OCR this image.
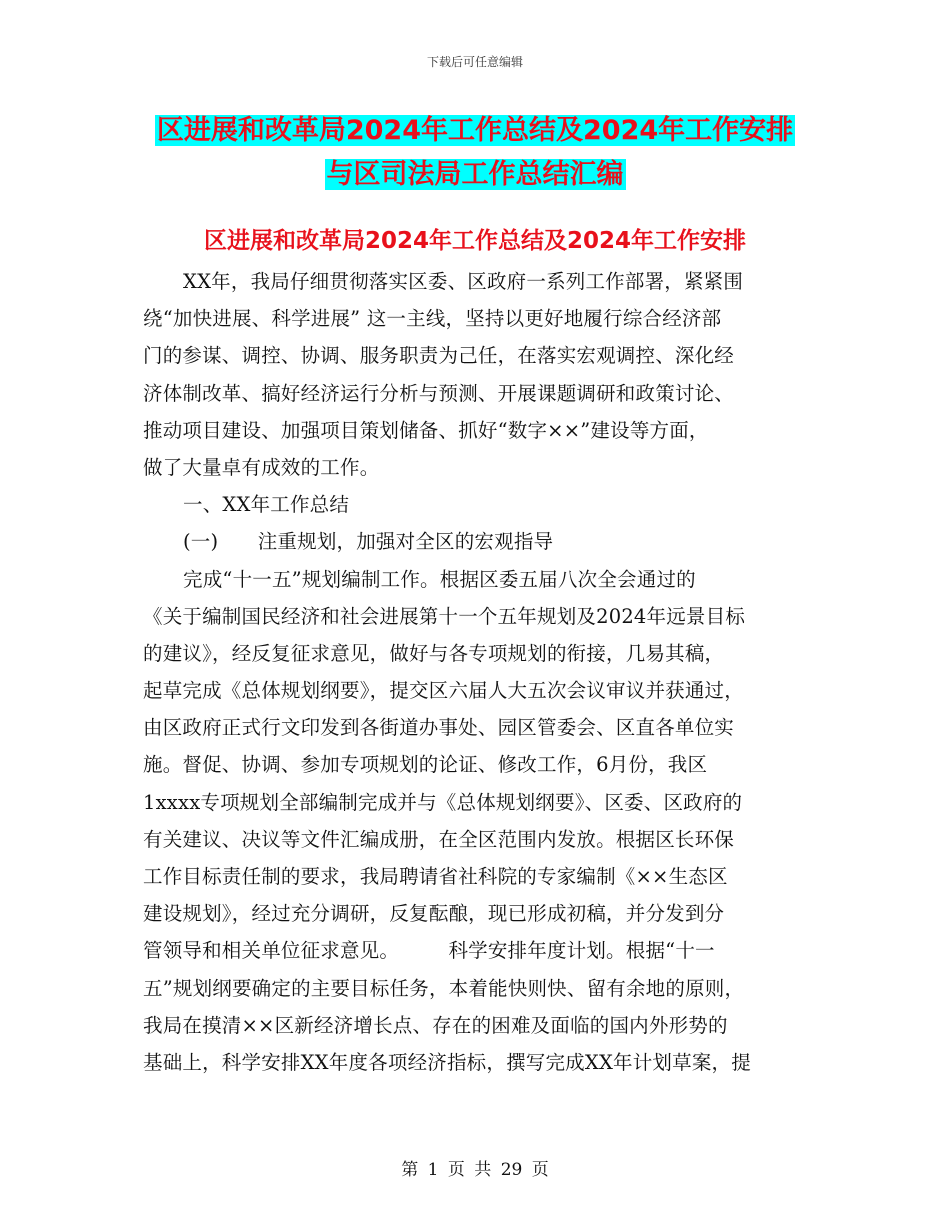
下载后可任意编辑
区进展和改革局2024年工作总结及2024年工作安排
与区司法局工作总结汇编
区进展和改革局2024年工作总结及2024年工作安排
XX年，我局仔细贯彻落实区委、区政府一系列工作部署，紧紧围
绕“加快进展、科学进展” 这一主线，坚持以更好地履行综合经济部
门的参谋、调控、协调、服务职责为己任，在落实宏观调控、深化经
济体制改革、搞好经济运行分析与预测、开展课题调研和政策讨论、
推动项目建设、加强项目策划储备、抓好“数字××”建设等方面，
做了大量卓有成效的工作。
一、XX年工作总结
(一)　　注重规划，加强对全区的宏观指导
完成“十一五”规划编制工作。根据区委五届八次全会通过的
《关于编制国民经济和社会进展第十一个五年规划及2024年远景目标
的建议》，经反复征求意见，做好与各专项规划的衔接，几易其稿，
起草完成《总体规划纲要》，提交区六届人大五次会议审议并获通过，
由区政府正式行文印发到各街道办事处、园区管委会、区直各单位实
施。督促、协调、参加专项规划的论证、修改工作，6月份，我区
1xxxx专项规划全部编制完成并与《总体规划纲要》、区委、区政府的
有关建议、决议等文件汇编成册，在全区范围内发放。根据区长环保
工作目标责任制的要求，我局聘请省社科院的专家编制《××生态区
建设规划》，经过充分调研，反复酝酿，现已形成初稿，并分发到分
管领导和相关单位征求意见。　　　科学安排年度计划。根据“十一
五”规划纲要确定的主要目标任务，本着能快则快、留有余地的原则，
我局在摸清××区新经济增长点、存在的困难及面临的国内外形势的
基础上，科学安排XX年度各项经济指标，撰写完成XX年计划草案，提
第 1 页 共 29 页
